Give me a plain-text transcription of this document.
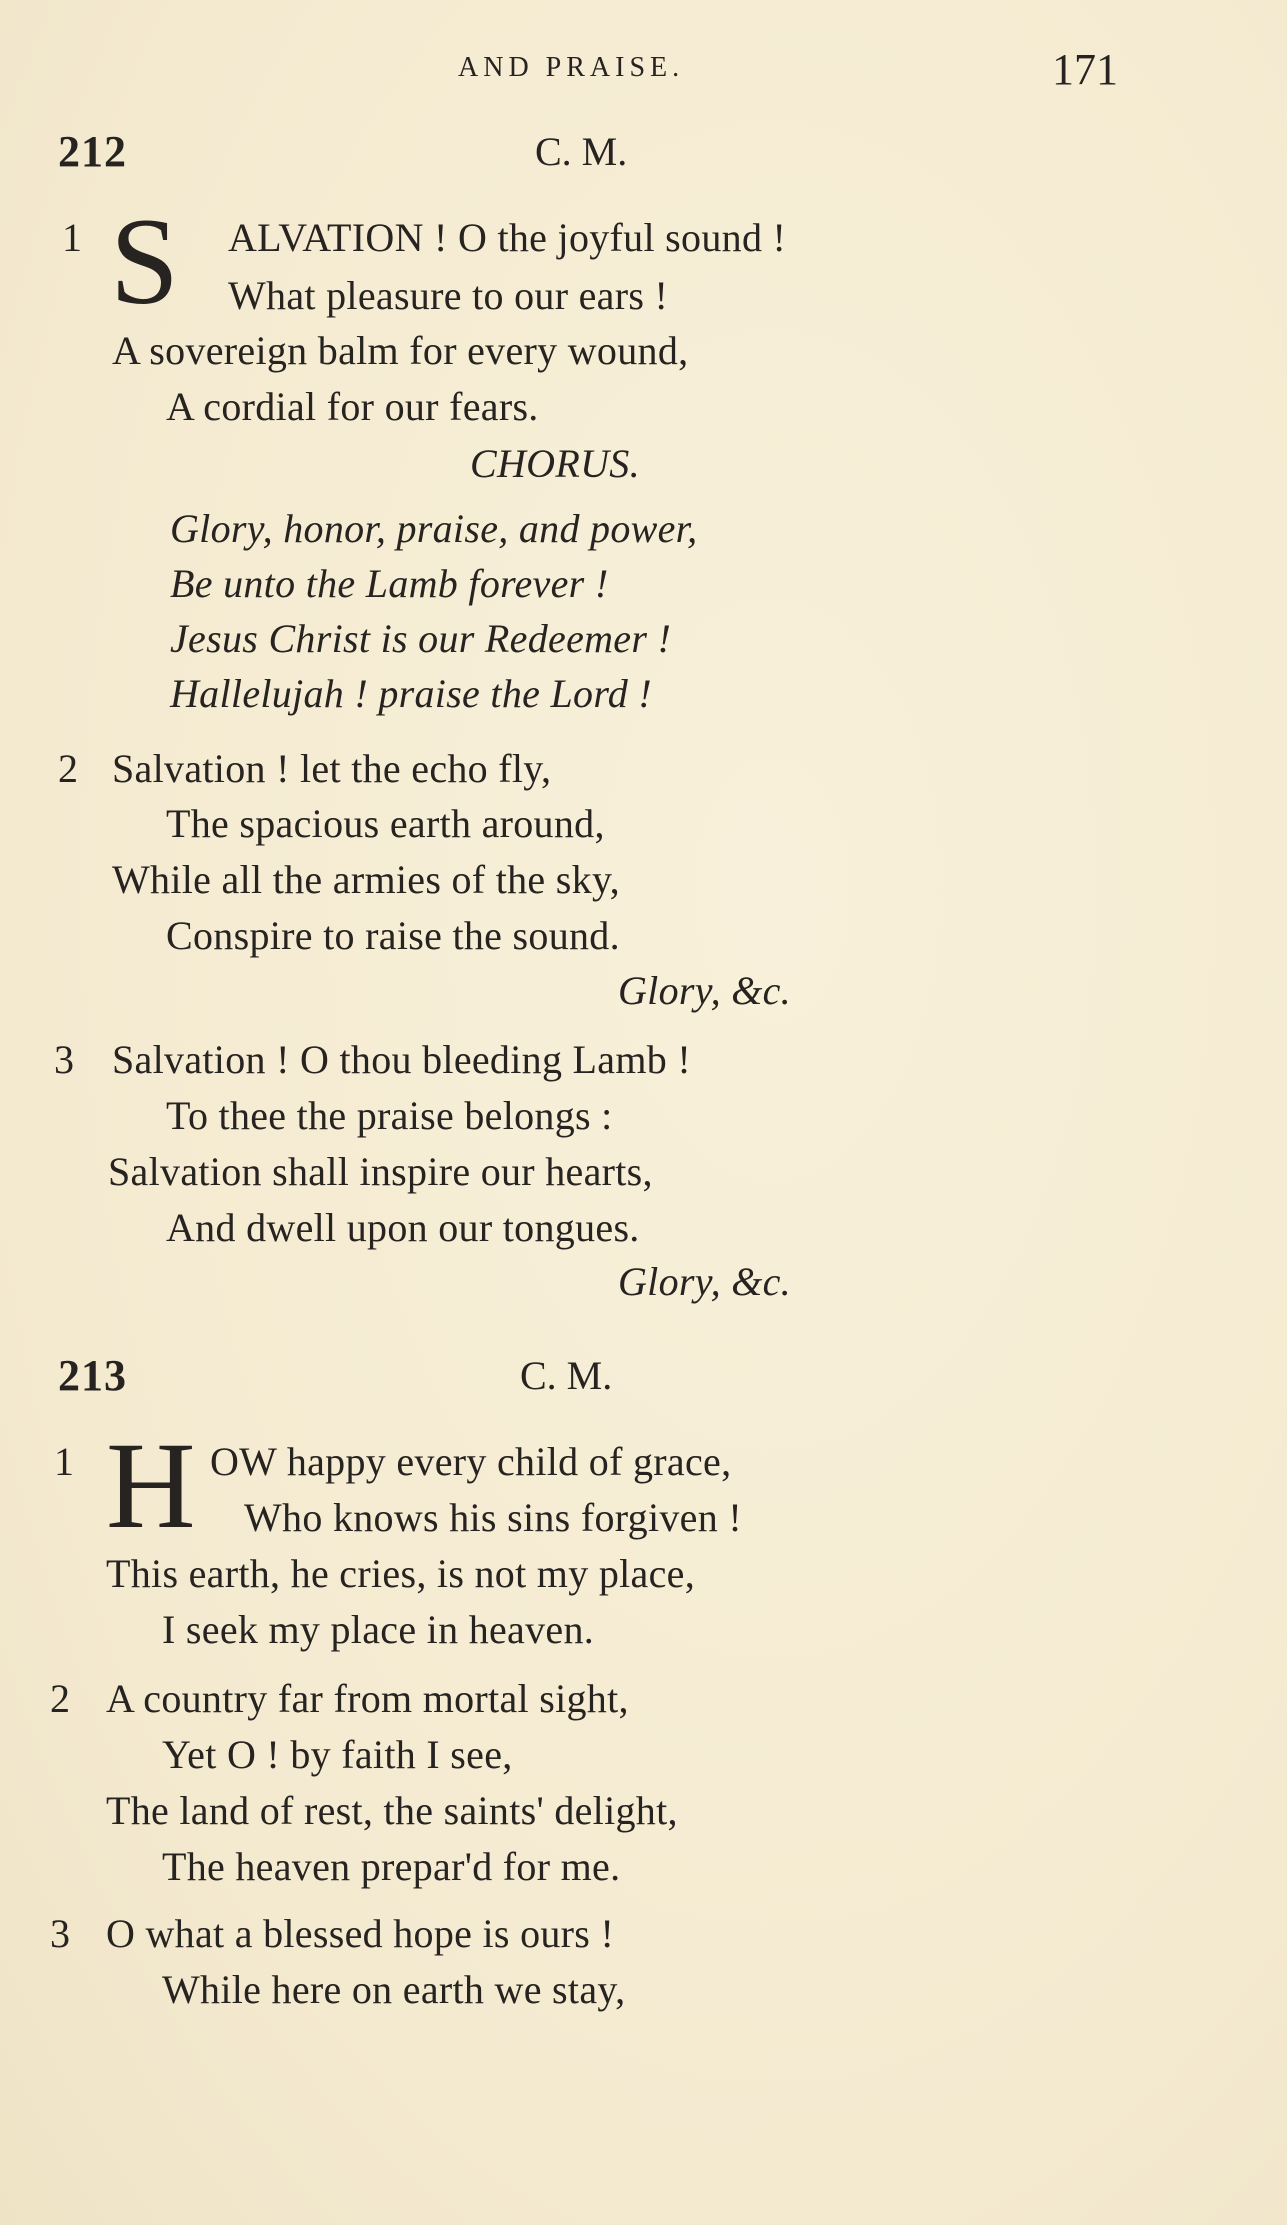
AND PRAISE.	171
212	C. M.
1 S ALVATION ! O the joyful sound !
What pleasure to our ears !
A sovereign balm for every wound,
A cordial for our fears.
CHORUS.
Glory, honor, praise, and power,
Be unto the Lamb forever !
Jesus Christ is our Redeemer !
Hallelujah ! praise the Lord !
2 Salvation ! let the echo fly,
The spacious earth around,
While all the armies of the sky,
Conspire to raise the sound.
Glory, &c.
3 Salvation ! O thou bleeding Lamb !
To thee the praise belongs :
Salvation shall inspire our hearts,
And dwell upon our tongues.
Glory, &c.
213	C. M.
1 H OW happy every child of grace,
Who knows his sins forgiven !
This earth, he cries, is not my place,
I seek my place in heaven.
2 A country far from mortal sight,
Yet O ! by faith I see,
The land of rest, the saints' delight,
The heaven prepar'd for me.
3 O what a blessed hope is ours !
While here on earth we stay,
